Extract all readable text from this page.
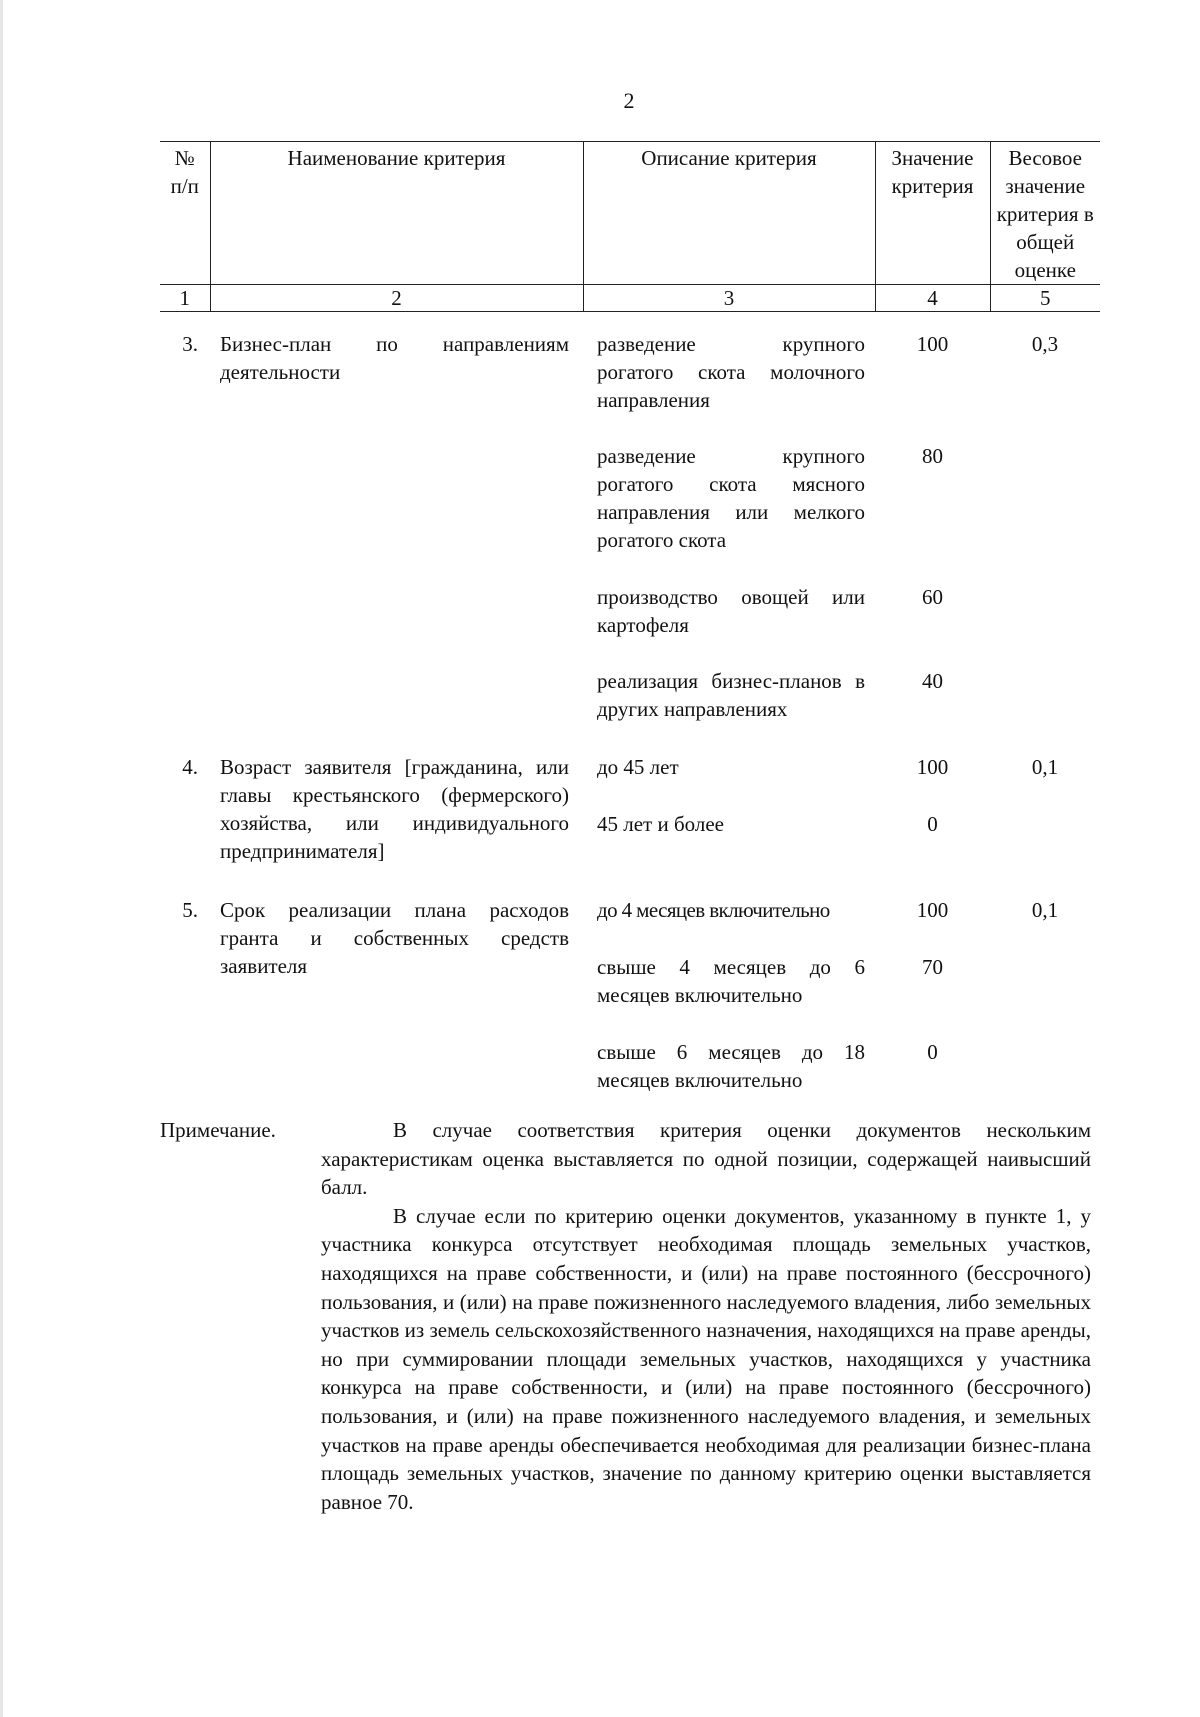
2
№ п/п	Наименование критерия	Описание критерия	Значение критерия	Весовое значение критерия в общей оценке
1	2	3	4	5
3.	Бизнес-план по направлениям деятельности	разведение крупного рогатого скота молочного направления	100	0,3
		разведение крупного рогатого скота мясного направления или мелкого рогатого скота	80	
		производство овощей или картофеля	60	
		реализация бизнес-планов в других направлениях	40	
4.	Возраст заявителя [гражданина, или главы крестьянского (фермерского) хозяйства, или индивидуального предпринимателя]	до 45 лет	100	0,1
		45 лет и более	0	
5.	Срок реализации плана расходов гранта и собственных средств заявителя	до 4 месяцев включительно	100	0,1
		свыше 4 месяцев до 6 месяцев включительно	70	
		свыше 6 месяцев до 18 месяцев включительно	0	
Примечание.	В случае соответствия критерия оценки документов нескольким характеристикам оценка выставляется по одной позиции, содержащей наивысший балл.

В случае если по критерию оценки документов, указанному в пункте 1, у участника конкурса отсутствует необходимая площадь земельных участков, находящихся на праве собственности, и (или) на праве постоянного (бессрочного) пользования, и (или) на праве пожизненного наследуемого владения, либо земельных участков из земель сельскохозяйственного назначения, находящихся на праве аренды, но при суммировании площади земельных участков, находящихся у участника конкурса на праве собственности, и (или) на праве постоянного (бессрочного) пользования, и (или) на праве пожизненного наследуемого владения, и земельных участков на праве аренды обеспечивается необходимая для реализации бизнес-плана площадь земельных участков, значение по данному критерию оценки выставляется равное 70.
